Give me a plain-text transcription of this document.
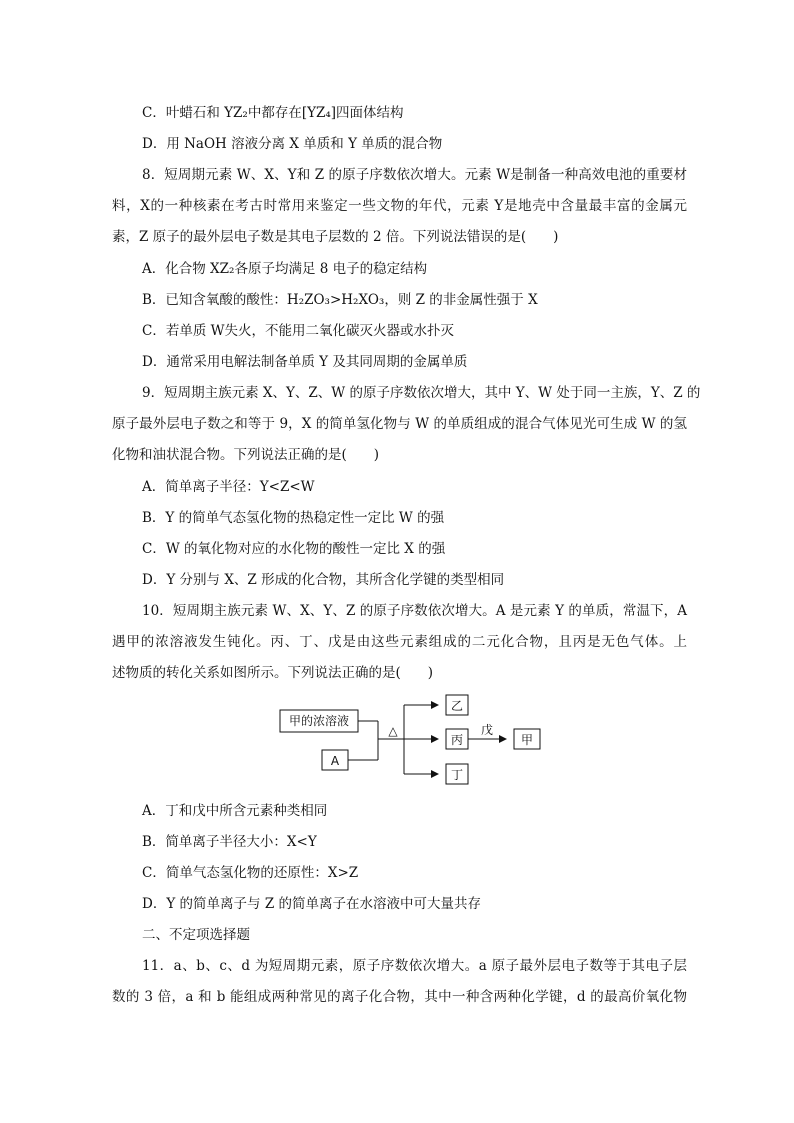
C．叶蜡石和 YZ₂中都存在[YZ₄]四面体结构
D．用 NaOH 溶液分离 X 单质和 Y 单质的混合物
8．短周期元素 W、X、Y和 Z 的原子序数依次增大。元素 W是制备一种高效电池的重要材
料，X的一种核素在考古时常用来鉴定一些文物的年代，元素 Y是地壳中含量最丰富的金属元
素，Z 原子的最外层电子数是其电子层数的 2 倍。下列说法错误的是(　　)
A．化合物 XZ₂各原子均满足 8 电子的稳定结构
B．已知含氧酸的酸性：H₂ZO₃>H₂XO₃，则 Z 的非金属性强于 X
C．若单质 W失火，不能用二氧化碳灭火器或水扑灭
D．通常采用电解法制备单质 Y 及其同周期的金属单质
9．短周期主族元素 X、Y、Z、W 的原子序数依次增大，其中 Y、W 处于同一主族，Y、Z 的
原子最外层电子数之和等于 9，X 的简单氢化物与 W 的单质组成的混合气体见光可生成 W 的氢
化物和油状混合物。下列说法正确的是(　　)
A．简单离子半径：Y<Z<W
B．Y 的简单气态氢化物的热稳定性一定比 W 的强
C．W 的氧化物对应的水化物的酸性一定比 X 的强
D．Y 分别与 X、Z 形成的化合物，其所含化学键的类型相同
10．短周期主族元素 W、X、Y、Z 的原子序数依次增大。A 是元素 Y 的单质，常温下，A
遇甲的浓溶液发生钝化。丙、丁、戊是由这些元素组成的二元化合物，且丙是无色气体。上
述物质的转化关系如图所示。下列说法正确的是(　　)
甲的浓溶液
A
△
乙
丙
丁
戊
甲
A．丁和戊中所含元素种类相同
B．简单离子半径大小：X<Y
C．简单气态氢化物的还原性：X>Z
D．Y 的简单离子与 Z 的简单离子在水溶液中可大量共存
二、不定项选择题
11．a、b、c、d 为短周期元素，原子序数依次增大。a 原子最外层电子数等于其电子层
数的 3 倍，a 和 b 能组成两种常见的离子化合物，其中一种含两种化学键，d 的最高价氧化物
